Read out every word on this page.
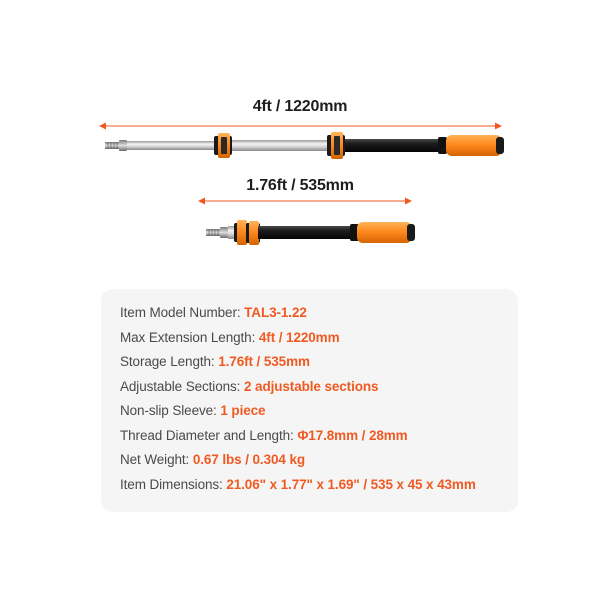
4ft / 1220mm
1.76ft / 535mm
Item Model Number: TAL3-1.22
Max Extension Length: 4ft / 1220mm
Storage Length: 1.76ft / 535mm
Adjustable Sections: 2 adjustable sections
Non-slip Sleeve: 1 piece
Thread Diameter and Length: Φ17.8mm / 28mm
Net Weight: 0.67 lbs / 0.304 kg
Item Dimensions: 21.06" x 1.77" x 1.69" / 535 x 45 x 43mm
